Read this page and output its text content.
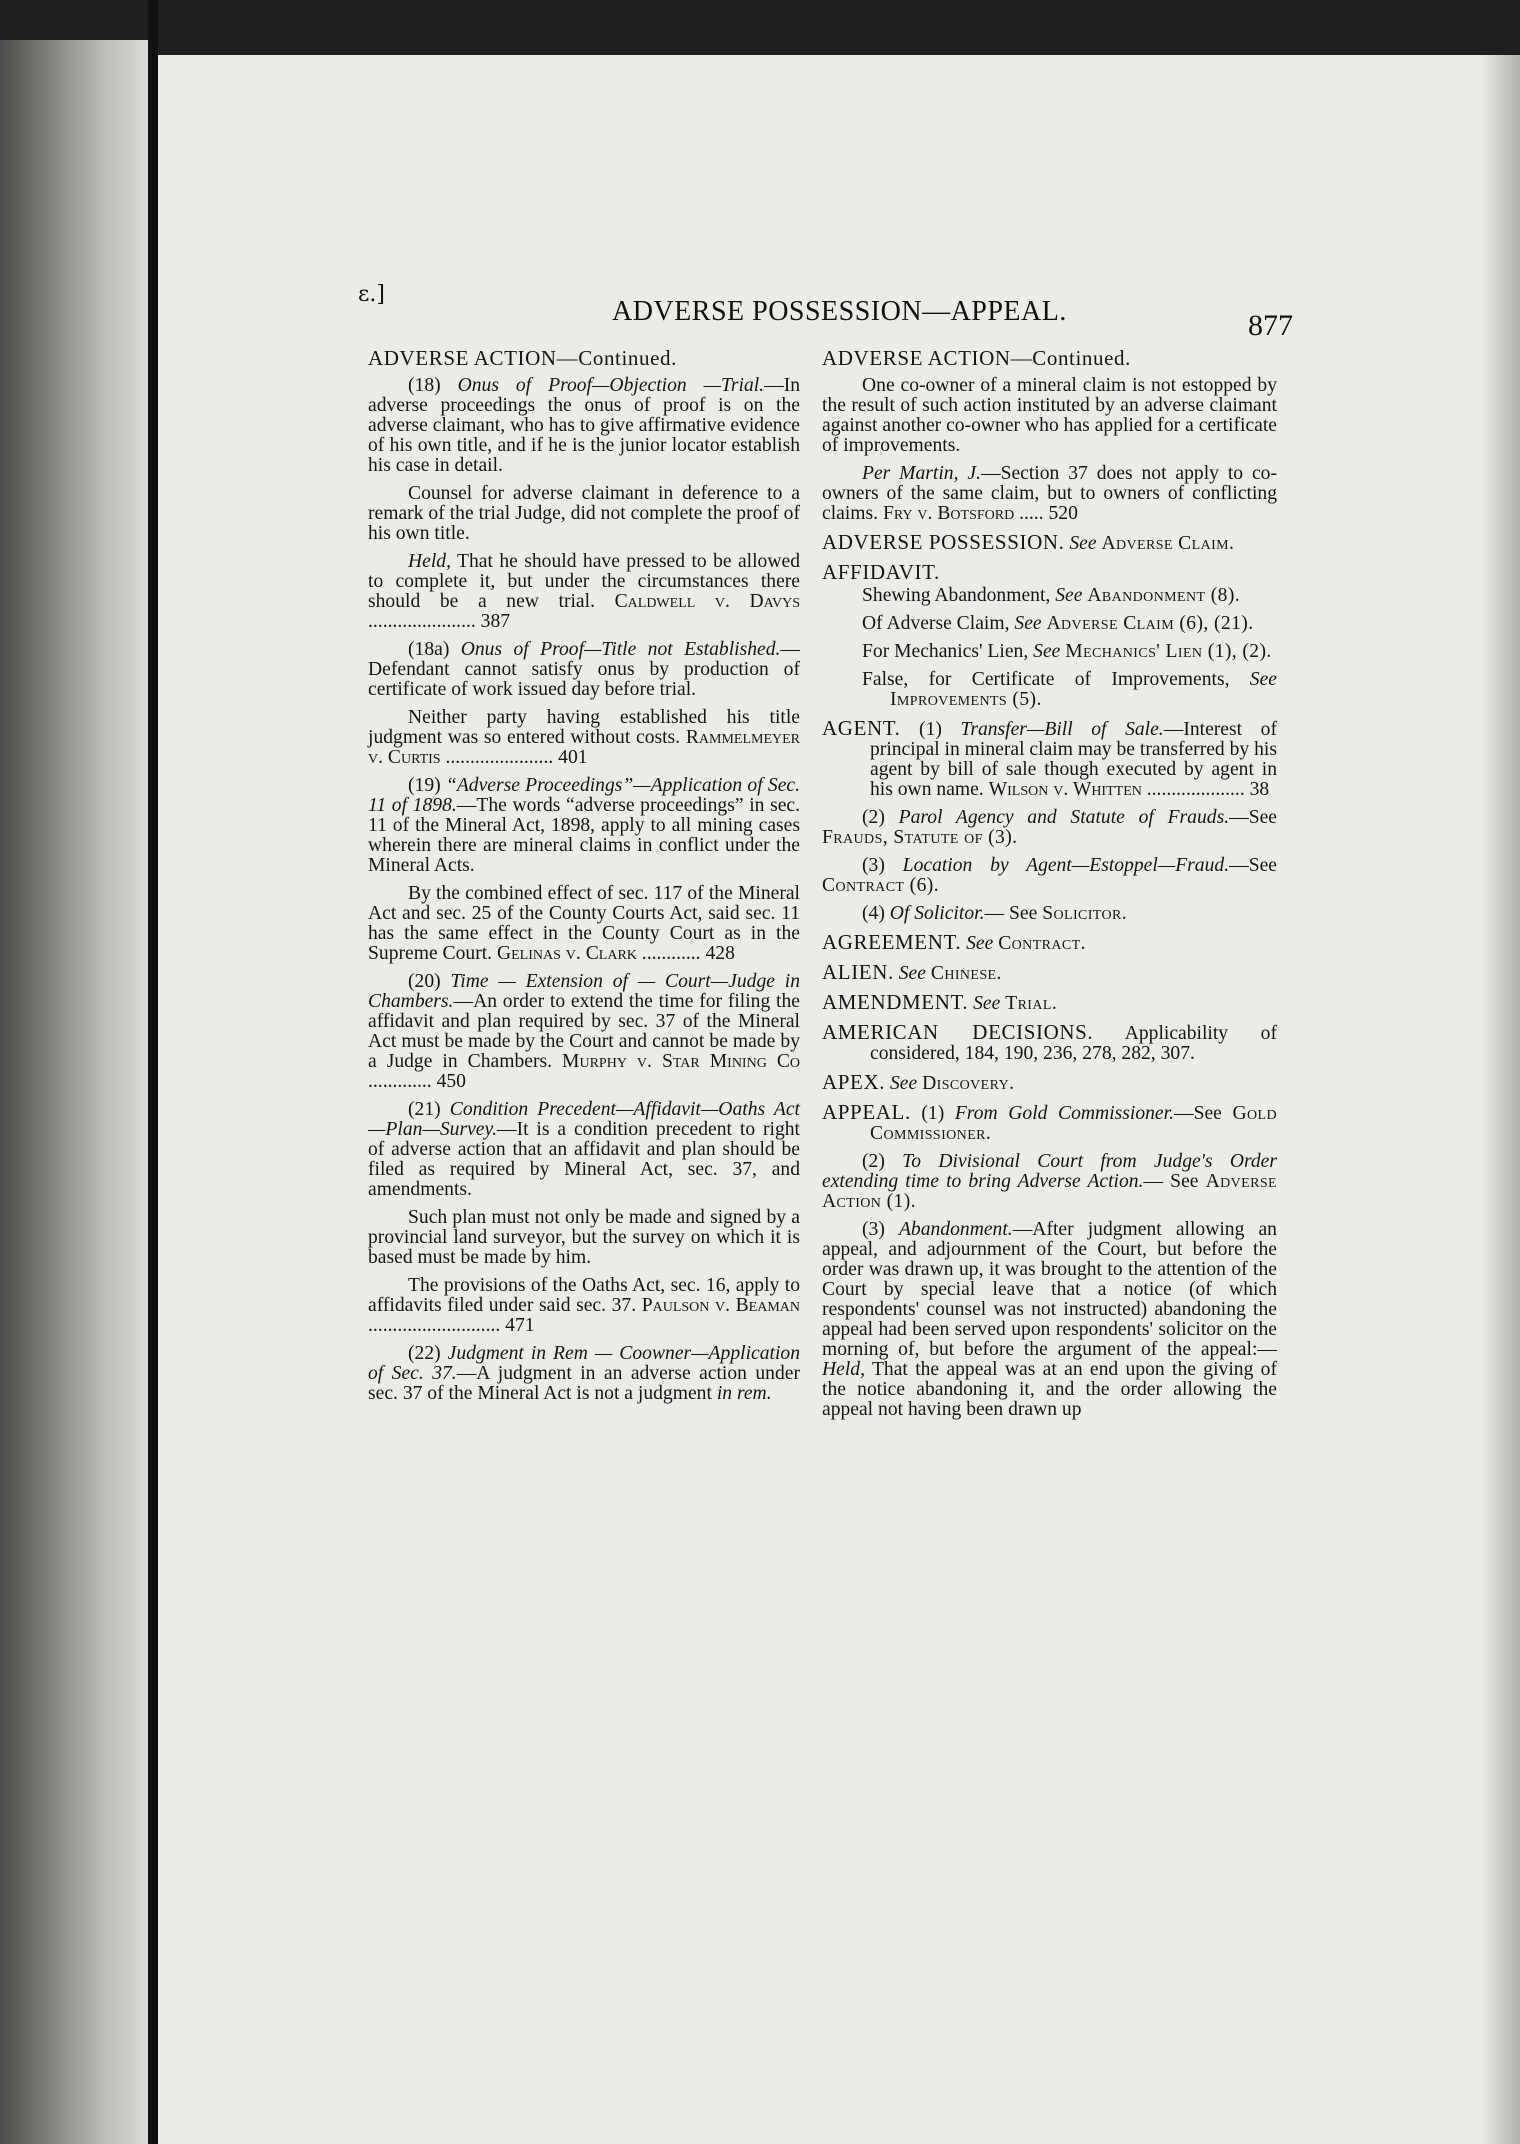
ɛ.]
ADVERSE POSSESSION—APPEAL.	877

ADVERSE ACTION—Continued.

(18) Onus of Proof—Objection —Trial.—In adverse proceedings the onus of proof is on the adverse claimant, who has to give affirmative evidence of his own title, and if he is the junior locator establish his case in detail.

Counsel for adverse claimant in deference to a remark of the trial Judge, did not complete the proof of his own title.

Held, That he should have pressed to be allowed to complete it, but under the circumstances there should be a new trial. Caldwell v. Davys ...................... 387

(18a) Onus of Proof—Title not Established.—Defendant cannot satisfy onus by production of certificate of work issued day before trial.

Neither party having established his title judgment was so entered without costs. Rammelmeyer v. Curtis ...................... 401

(19) “Adverse Proceedings”—Application of Sec. 11 of 1898.—The words “adverse proceedings” in sec. 11 of the Mineral Act, 1898, apply to all mining cases wherein there are mineral claims in conflict under the Mineral Acts.

By the combined effect of sec. 117 of the Mineral Act and sec. 25 of the County Courts Act, said sec. 11 has the same effect in the County Court as in the Supreme Court. Gelinas v. Clark ............ 428

(20) Time — Extension of — Court—Judge in Chambers.—An order to extend the time for filing the affidavit and plan required by sec. 37 of the Mineral Act must be made by the Court and cannot be made by a Judge in Chambers. Murphy v. Star Mining Co ............. 450

(21) Condition Precedent—Affidavit—Oaths Act—Plan—Survey.—It is a condition precedent to right of adverse action that an affidavit and plan should be filed as required by Mineral Act, sec. 37, and amendments.

Such plan must not only be made and signed by a provincial land surveyor, but the survey on which it is based must be made by him.

The provisions of the Oaths Act, sec. 16, apply to affidavits filed under said sec. 37. Paulson v. Beaman ........................... 471

(22) Judgment in Rem — Coowner—Application of Sec. 37.—A judgment in an adverse action under sec. 37 of the Mineral Act is not a judgment in rem.

ADVERSE ACTION—Continued.

One co-owner of a mineral claim is not estopped by the result of such action instituted by an adverse claimant against another co-owner who has applied for a certificate of improvements.

Per Martin, J.—Section 37 does not apply to co-owners of the same claim, but to owners of conflicting claims. Fry v. Botsford ..... 520

ADVERSE POSSESSION. See Adverse Claim.

AFFIDAVIT.

Shewing Abandonment, See Abandonment (8).

Of Adverse Claim, See Adverse Claim (6), (21).

For Mechanics' Lien, See Mechanics' Lien (1), (2).

False, for Certificate of Improvements, See Improvements (5).

AGENT. (1) Transfer—Bill of Sale.—Interest of principal in mineral claim may be transferred by his agent by bill of sale though executed by agent in his own name. Wilson v. Whitten .................... 38

(2) Parol Agency and Statute of Frauds.—See Frauds, Statute of (3).

(3) Location by Agent—Estoppel—Fraud.—See Contract (6).

(4) Of Solicitor.— See Solicitor.

AGREEMENT. See Contract.

ALIEN. See Chinese.

AMENDMENT. See Trial.

AMERICAN DECISIONS. Applicability of considered, 184, 190, 236, 278, 282, 307.

APEX. See Discovery.

APPEAL. (1) From Gold Commissioner.—See Gold Commissioner.

(2) To Divisional Court from Judge's Order extending time to bring Adverse Action.— See Adverse Action (1).

(3) Abandonment.—After judgment allowing an appeal, and adjournment of the Court, but before the order was drawn up, it was brought to the attention of the Court by special leave that a notice (of which respondents' counsel was not instructed) abandoning the appeal had been served upon respondents' solicitor on the morning of, but before the argument of the appeal:— Held, That the appeal was at an end upon the giving of the notice abandoning it, and the order allowing the appeal not having been drawn up
